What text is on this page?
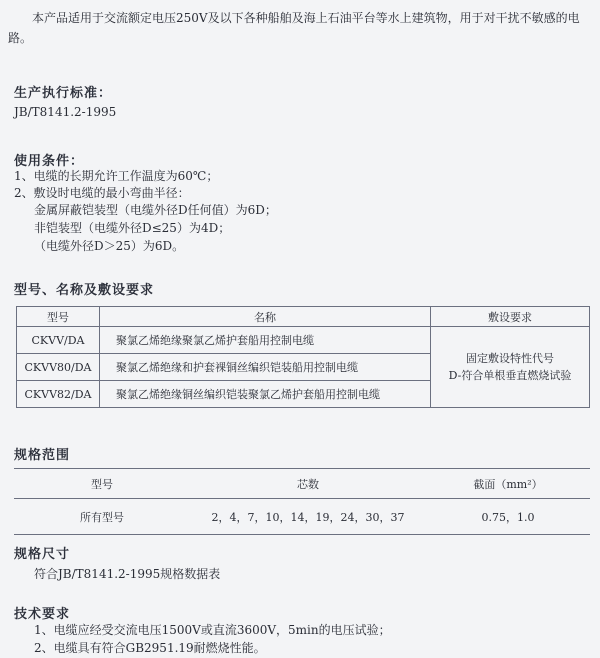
本产品适用于交流额定电压250V及以下各种船舶及海上石油平台等水上建筑物，用于对干扰不敏感的电路。
生产执行标准：
JB/T8141.2-1995
使用条件：
1、电缆的长期允许工作温度为60℃；
2、敷设时电缆的最小弯曲半径：
金属屏蔽铠装型（电缆外径D任何值）为6D；
非铠装型（电缆外径D≤25）为4D；
（电缆外径D＞25）为6D。
型号、名称及敷设要求
型号	名称	敷设要求
CKVV/DA	聚氯乙烯绝缘聚氯乙烯护套船用控制电缆	固定敷设特性代号
D-符合单根垂直燃烧试验

CKVV80/DA	聚氯乙烯绝缘和护套裸铜丝编织铠装船用控制电缆	
CKVV82/DA	聚氯乙烯绝缘铜丝编织铠装聚氯乙烯护套船用控制电缆	
规格范围
型号	芯数	截面（mm²）
所有型号	2，4，7，10，14，19，24，30，37	0.75，1.0
规格尺寸
符合JB/T8141.2-1995规格数据表
技术要求
1、电缆应经受交流电压1500V或直流3600V，5min的电压试验；
2、电缆具有符合GB2951.19耐燃烧性能。
